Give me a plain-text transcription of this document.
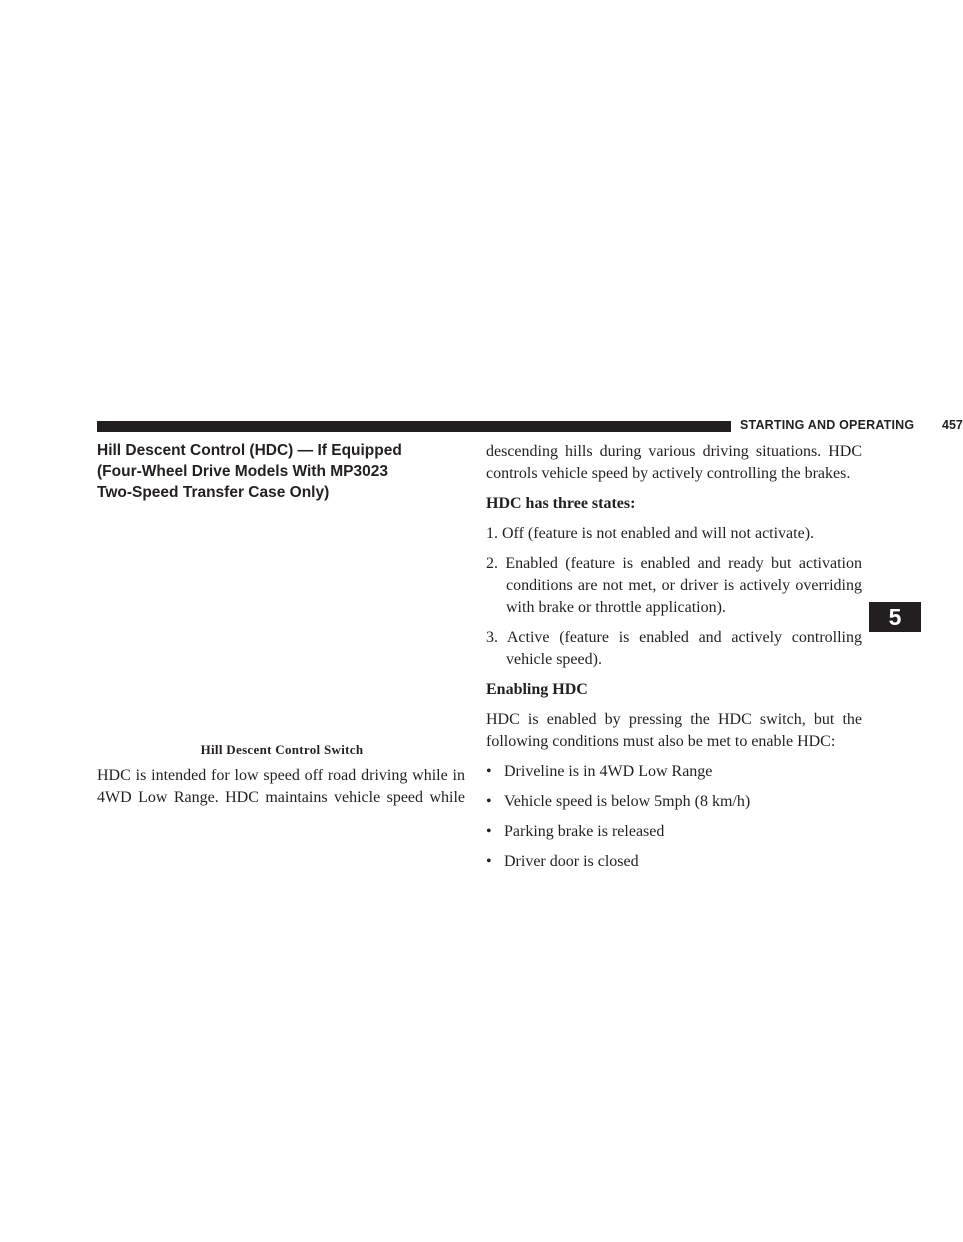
STARTING AND OPERATING 457
5
Hill Descent Control (HDC) — If Equipped
(Four-Wheel Drive Models With MP3023
Two-Speed Transfer Case Only)
Hill Descent Control Switch
HDC is intended for low speed off road driving while in
4WD Low Range. HDC maintains vehicle speed while
descending hills during various driving situations. HDC
controls vehicle speed by actively controlling the brakes.
HDC has three states:
1. Off (feature is not enabled and will not activate).
2. Enabled (feature is enabled and ready but activation
conditions are not met, or driver is actively overriding
with brake or throttle application).
3. Active (feature is enabled and actively controlling
vehicle speed).
Enabling HDC
HDC is enabled by pressing the HDC switch, but the
following conditions must also be met to enable HDC:
• Driveline is in 4WD Low Range
• Vehicle speed is below 5mph (8 km/h)
• Parking brake is released
• Driver door is closed
